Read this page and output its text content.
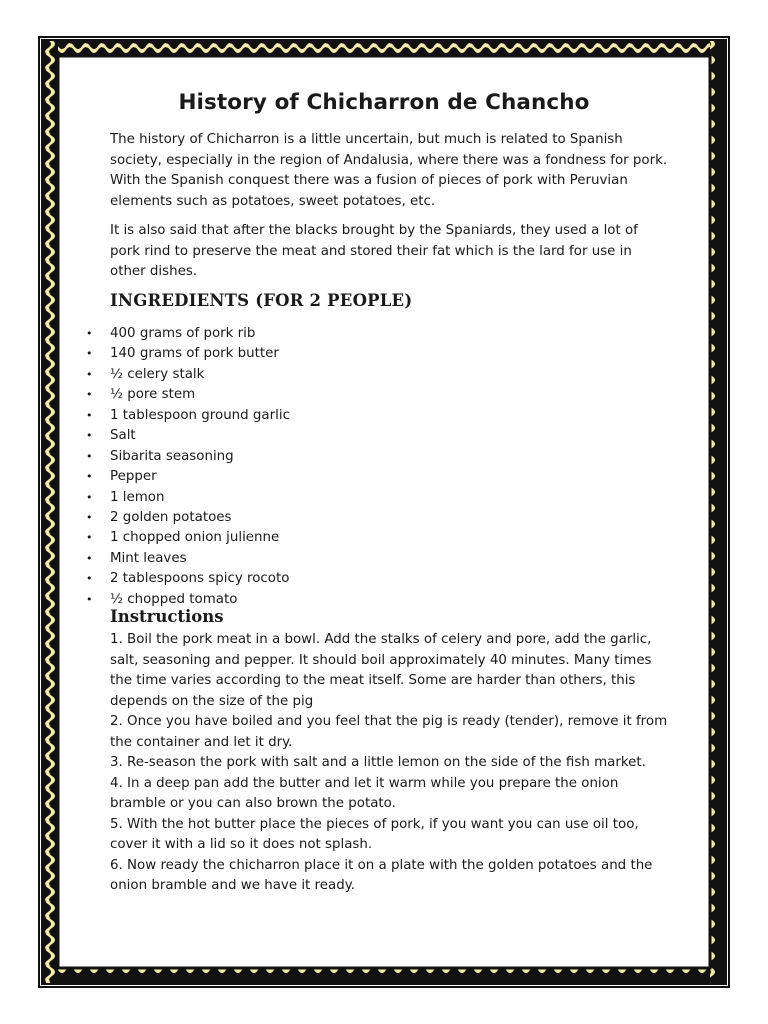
History of Chicharron de Chancho

The history of Chicharron is a little uncertain, but much is related to Spanish society, especially in the region of Andalusia, where there was a fondness for pork. With the Spanish conquest there was a fusion of pieces of pork with Peruvian elements such as potatoes, sweet potatoes, etc.

It is also said that after the blacks brought by the Spaniards, they used a lot of pork rind to preserve the meat and stored their fat which is the lard for use in other dishes.

INGREDIENTS (FOR 2 PEOPLE)
• 400 grams of pork rib
• 140 grams of pork butter
• ½ celery stalk
• ½ pore stem
• 1 tablespoon ground garlic
• Salt
• Sibarita seasoning
• Pepper
• 1 lemon
• 2 golden potatoes
• 1 chopped onion julienne
• Mint leaves
• 2 tablespoons spicy rocoto
• ½ chopped tomato
Instructions

1. Boil the pork meat in a bowl. Add the stalks of celery and pore, add the garlic, salt, seasoning and pepper. It should boil approximately 40 minutes. Many times the time varies according to the meat itself. Some are harder than others, this depends on the size of the pig

2. Once you have boiled and you feel that the pig is ready (tender), remove it from the container and let it dry.

3. Re-season the pork with salt and a little lemon on the side of the fish market.

4. In a deep pan add the butter and let it warm while you prepare the onion bramble or you can also brown the potato.

5. With the hot butter place the pieces of pork, if you want you can use oil too, cover it with a lid so it does not splash.

6. Now ready the chicharron place it on a plate with the golden potatoes and the onion bramble and we have it ready.
